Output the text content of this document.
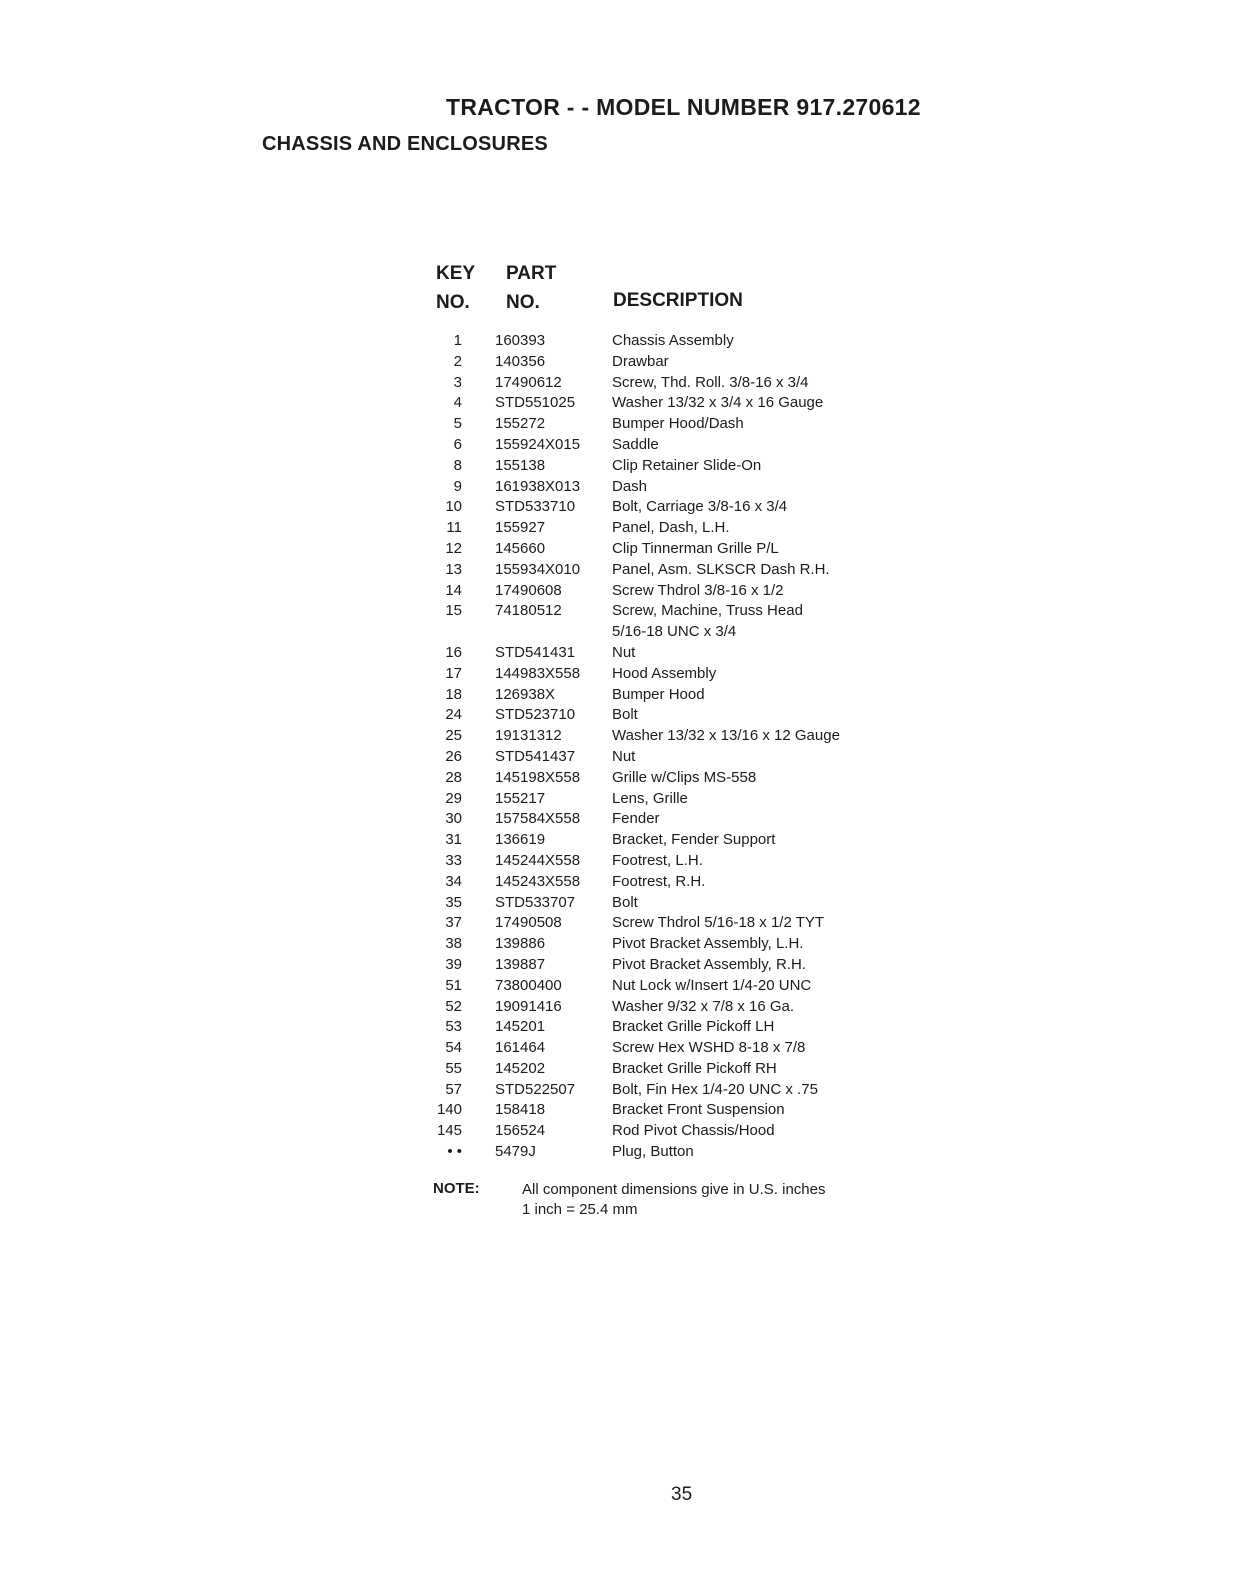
TRACTOR - - MODEL NUMBER 917.270612
CHASSIS AND ENCLOSURES
KEY
NO.
PART
NO.	DESCRIPTION
1 160393	Chassis Assembly
2 140356	Drawbar
3 17490612	Screw, Thd. Roll. 3/8-16 x 3/4
4 STD551025 Washer 13/32 x 3/4 x 16 Gauge
5 155272	Bumper Hood/Dash
6 155924X015 Saddle
8 155138	Clip Retainer Slide-On
9 161938X013 Dash
10 STD533710 Bolt, Carriage 3/8-16 x 3/4
11 155927	Panel, Dash, L.H.
12 145660	Clip Tinnerman Grille P/L
13 155934X010 Panel, Asm. SLKSCR Dash R.H.
14 17490608	Screw Thdrol 3/8-16 x 1/2
15 74180512	Screw, Machine, Truss Head
5/16-18 UNC x 3/4
16 STD541431 Nut
17 144983X558 Hood Assembly
18 126938X	Bumper Hood
24 STD523710 Bolt
25 19131312	Washer 13/32 x 13/16 x 12 Gauge
26 STD541437 Nut
28 145198X558 Grille w/Clips MS-558
29 155217	Lens, Grille
30 157584X558 Fender
31 136619	Bracket, Fender Support
33 145244X558 Footrest, L.H.
34 145243X558 Footrest, R.H.
35 STD533707 Bolt
37 17490508	Screw Thdrol 5/16-18 x 1/2 TYT
38 139886	Pivot Bracket Assembly, L.H.
39 139887	Pivot Bracket Assembly, R.H.
51 73800400	Nut Lock w/Insert 1/4-20 UNC
52 19091416	Washer 9/32 x 7/8 x 16 Ga.
53 145201	Bracket Grille Pickoff LH
54 161464	Screw Hex WSHD 8-18 x 7/8
55 145202	Bracket Grille Pickoff RH
57 STD522507 Bolt, Fin Hex 1/4-20 UNC x .75
140 158418	Bracket Front Suspension
145 156524	Rod Pivot Chassis/Hood
• • 5479J	Plug, Button
NOTE:	All component dimensions give in U.S. inches
1 inch = 25.4 mm
35
